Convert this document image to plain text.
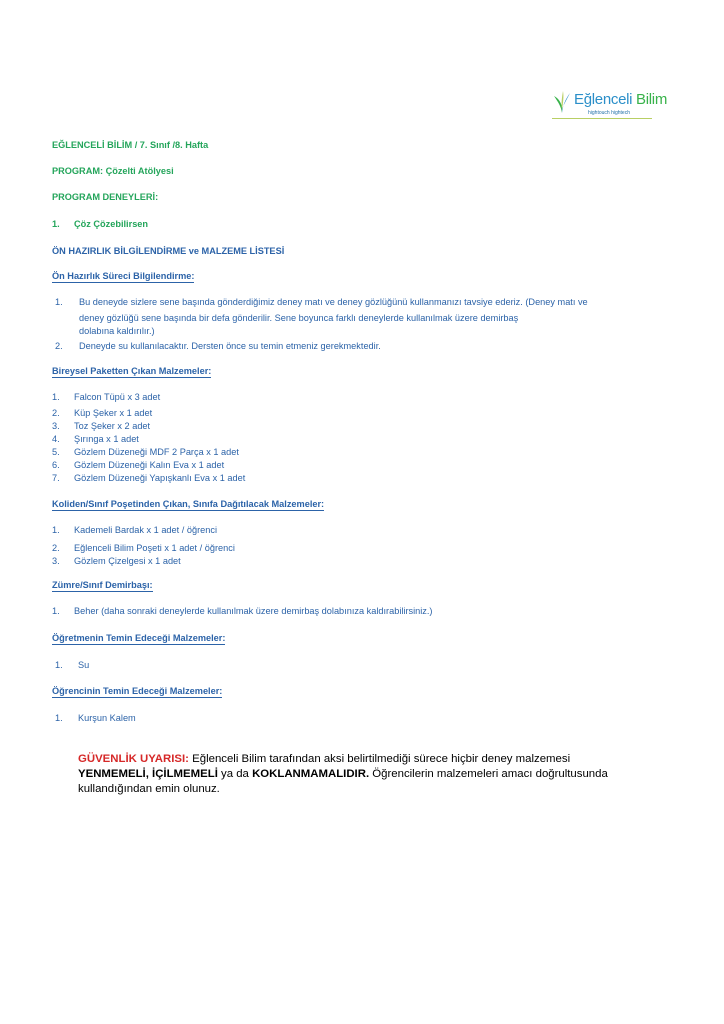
Eğlenceli Bilim
hightouch hightech
EĞLENCELİ BİLİM / 7. Sınıf /8. Hafta
PROGRAM: Çözelti Atölyesi
PROGRAM DENEYLERİ:
1. Çöz Çözebilirsen
ÖN HAZIRLIK BİLGİLENDİRME ve MALZEME LİSTESİ
Ön Hazırlık Süreci Bilgilendirme:
1. Bu deneyde sizlere sene başında gönderdiğimiz deney matı ve deney gözlüğünü kullanmanızı tavsiye ederiz. (Deney matı ve
deney gözlüğü sene başında bir defa gönderilir. Sene boyunca farklı deneylerde kullanılmak üzere demirbaş
dolabına kaldırılır.)
2. Deneyde su kullanılacaktır. Dersten önce su temin etmeniz gerekmektedir.
Bireysel Paketten Çıkan Malzemeler:
1. Falcon Tüpü x 3 adet
2. Küp Şeker x 1 adet
3. Toz Şeker x 2 adet
4. Şırınga x 1 adet
5. Gözlem Düzeneği MDF 2 Parça x 1 adet
6. Gözlem Düzeneği Kalın Eva x 1 adet
7. Gözlem Düzeneği Yapışkanlı Eva x 1 adet
Koliden/Sınıf Poşetinden Çıkan, Sınıfa Dağıtılacak Malzemeler:
1. Kademeli Bardak x 1 adet / öğrenci
2. Eğlenceli Bilim Poşeti x 1 adet / öğrenci
3. Gözlem Çizelgesi x 1 adet
Zümre/Sınıf Demirbaşı:
1. Beher (daha sonraki deneylerde kullanılmak üzere demirbaş dolabınıza kaldırabilirsiniz.)
Öğretmenin Temin Edeceği Malzemeler:
1. Su
Öğrencinin Temin Edeceği Malzemeler:
1. Kurşun Kalem
GÜVENLİK UYARISI: Eğlenceli Bilim tarafından aksi belirtilmediği sürece hiçbir deney malzemesi YENMEMELİ, İÇİLMEMELİ ya da KOKLANMAMALIDIR. Öğrencilerin malzemeleri amacı doğrultusunda kullandığından emin olunuz.
